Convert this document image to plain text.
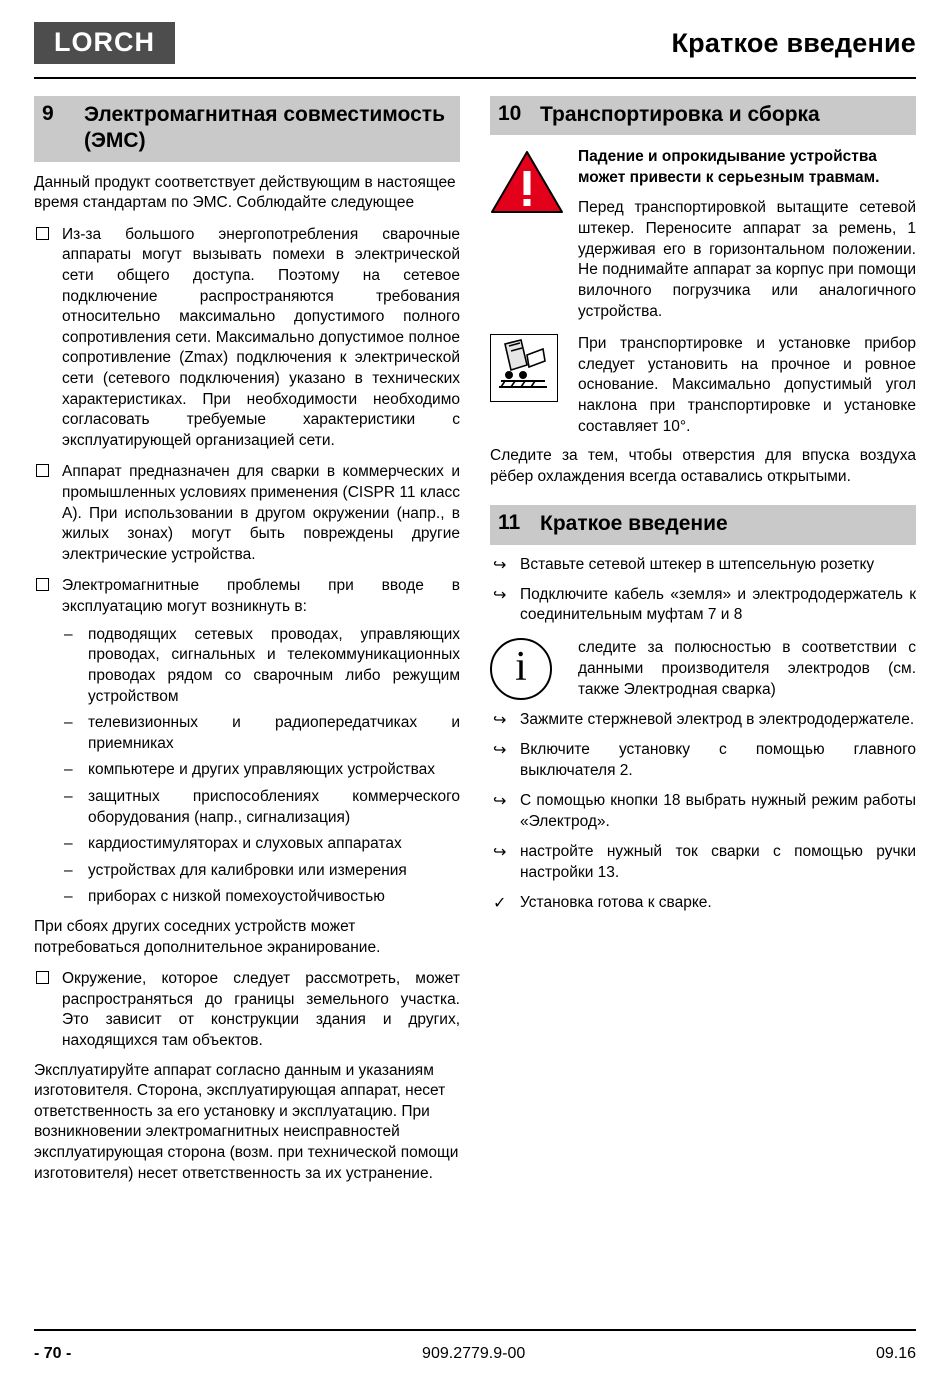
LORCH	Краткое введение
9	Электромагнитная совместимость (ЭМС)

Данный продукт соответствует действующим в настоящее время стандартам по ЭМС. Соблюдайте следующее

Из-за большого энергопотребления сварочные аппараты могут вызывать помехи в электрической сети общего доступа. Поэтому на сетевое подключение распространяются требования относительно максимально допустимого полного сопротивления сети. Максимально допустимое полное сопротивление (Zmax) подключения к электрической сети (сетевого подключения) указано в технических характеристиках. При необходимости необходимо согласовать требуемые характеристики с эксплуатирующей организацией сети.
Аппарат предназначен для сварки в коммерческих и промышленных условиях применения (CISPR 11 класс A). При использовании в другом окружении (напр., в жилых зонах) могут быть повреждены другие электрические устройства.
Электромагнитные проблемы при вводе в эксплуатацию могут возникнуть в:
– подводящих сетевых проводах, управляющих проводах, сигнальных и телекоммуникационных проводах рядом со сварочным либо режущим устройством
– телевизионных и радиопередатчиках и приемниках
– компьютере и других управляющих устройствах
– защитных приспособлениях коммерческого оборудования (напр., сигнализация)
– кардиостимуляторах и слуховых аппаратах
– устройствах для калибровки или измерения
– приборах с низкой помехоустойчивостью

При сбоях других соседних устройств может потребоваться дополнительное экранирование.

Окружение, которое следует рассмотреть, может распространяться до границы земельного участка. Это зависит от конструкции здания и других, находящихся там объектов.

Эксплуатируйте аппарат согласно данным и указаниям изготовителя. Сторона, эксплуатирующая аппарат, несет ответственность за его установку и эксплуатацию. При возникновении электромагнитных неисправностей эксплуатирующая сторона (возм. при технической помощи изготовителя) несет ответственность за их устранение.

10 Транспортировка и сборка

Падение и опрокидывание устройства может привести к серьезным травмам.

Перед транспортировкой вытащите сетевой штекер. Переносите аппарат за ремень, 1 удерживая его в горизонтальном положении. Не поднимайте аппарат за корпус при помощи вилочного погрузчика или аналогичного устройства.

При транспортировке и установке прибор следует установить на прочное и ровное основание. Максимально допустимый угол наклона при транспортировке и установке составляет 10°.

Следите за тем, чтобы отверстия для впуска воздуха рёбер охлаждения всегда оставались открытыми.

11 Краткое введение
↪ Вставьте сетевой штекер в штепсельную розетку
↪ Подключите кабель «земля» и электрододержатель к соединительным муфтам 7 и 8
i	следите за полюсностью в соответствии с данными производителя электродов (см. также Электродная сварка)

↪ Зажмите стержневой электрод в электрододержателе.
↪ Включите установку с помощью главного выключателя 2.
↪ С помощью кнопки 18 выбрать нужный режим работы «Электрод».
↪ настройте нужный ток сварки с помощью ручки настройки 13.
✓ Установка готова к сварке.
- 70 -	909.2779.9-00	09.16
